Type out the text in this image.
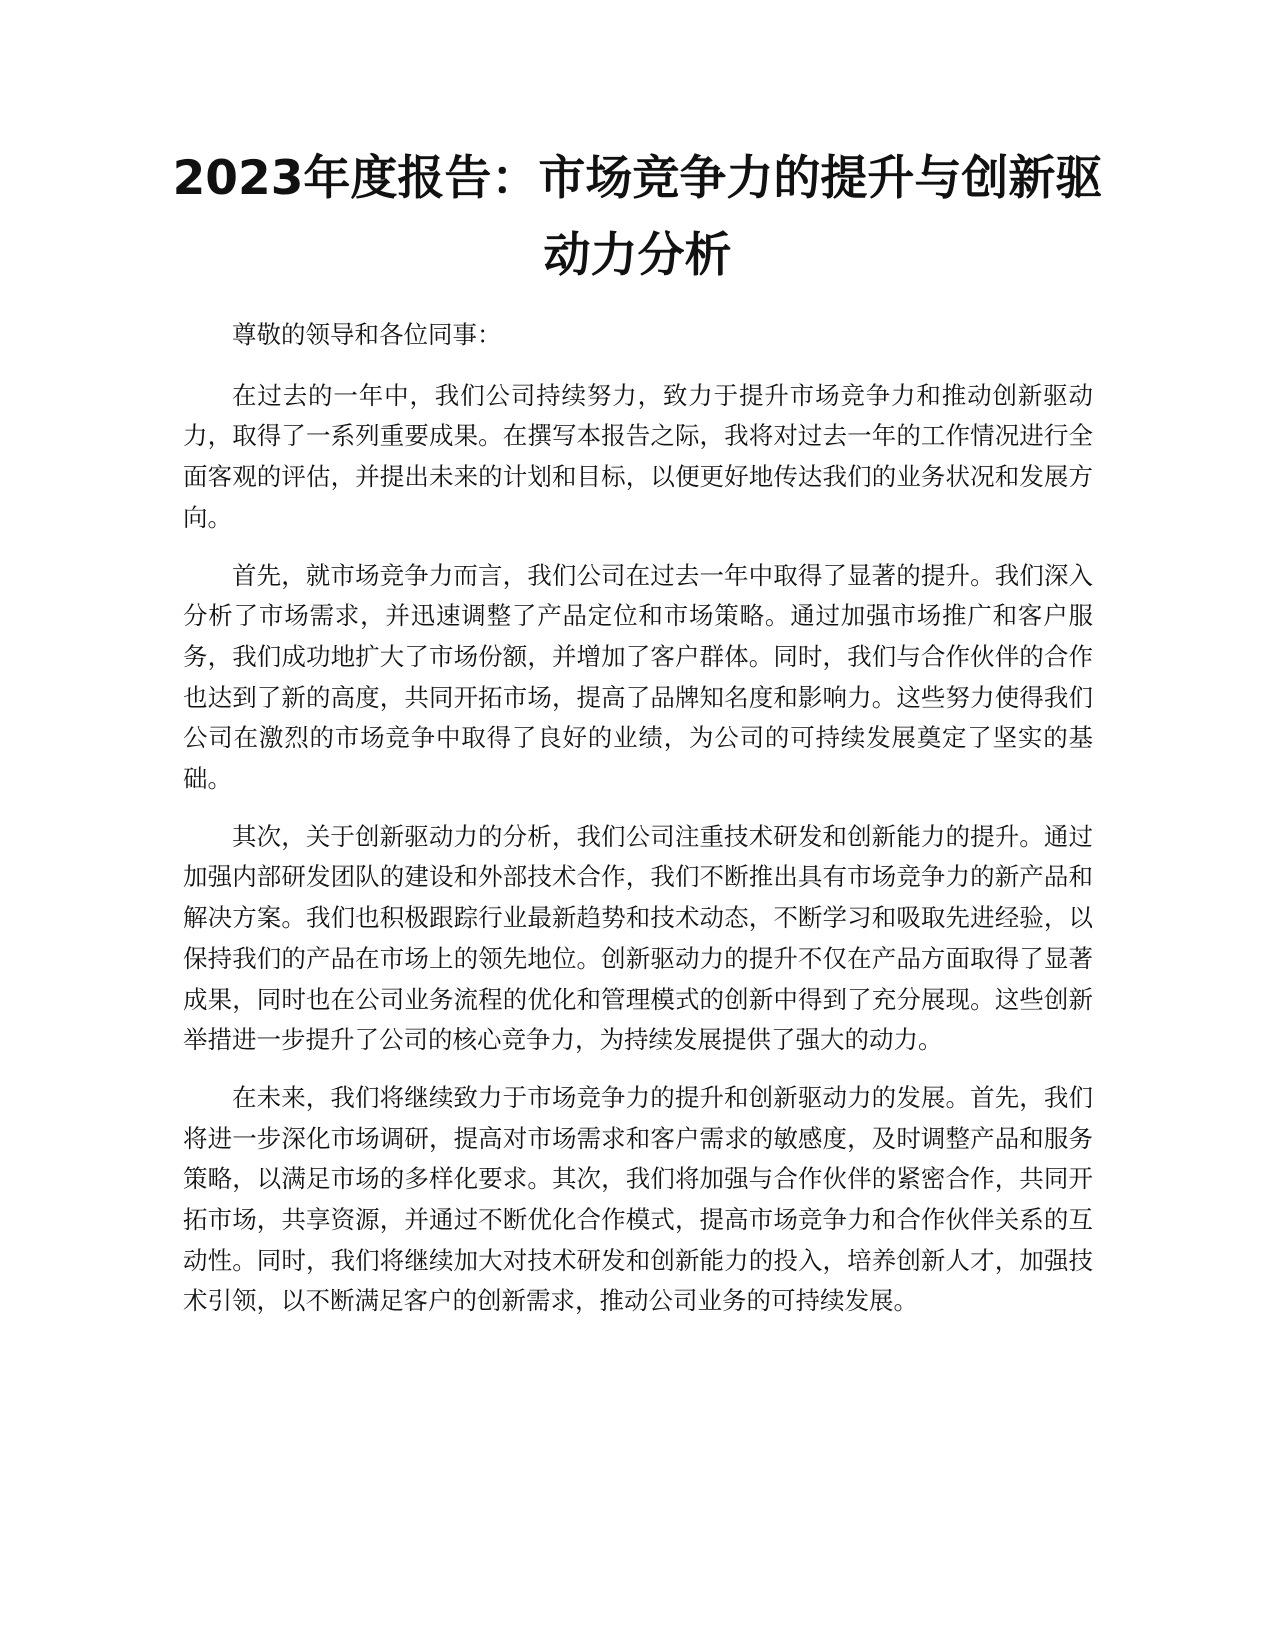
2023年度报告：市场竞争力的提升与创新驱动力分析

尊敬的领导和各位同事：

在过去的一年中，我们公司持续努力，致力于提升市场竞争力和推动创新驱动力，取得了一系列重要成果。在撰写本报告之际，我将对过去一年的工作情况进行全面客观的评估，并提出未来的计划和目标，以便更好地传达我们的业务状况和发展方向。

首先，就市场竞争力而言，我们公司在过去一年中取得了显著的提升。我们深入分析了市场需求，并迅速调整了产品定位和市场策略。通过加强市场推广和客户服务，我们成功地扩大了市场份额，并增加了客户群体。同时，我们与合作伙伴的合作也达到了新的高度，共同开拓市场，提高了品牌知名度和影响力。这些努力使得我们公司在激烈的市场竞争中取得了良好的业绩，为公司的可持续发展奠定了坚实的基础。

其次，关于创新驱动力的分析，我们公司注重技术研发和创新能力的提升。通过加强内部研发团队的建设和外部技术合作，我们不断推出具有市场竞争力的新产品和解决方案。我们也积极跟踪行业最新趋势和技术动态，不断学习和吸取先进经验，以保持我们的产品在市场上的领先地位。创新驱动力的提升不仅在产品方面取得了显著成果，同时也在公司业务流程的优化和管理模式的创新中得到了充分展现。这些创新举措进一步提升了公司的核心竞争力，为持续发展提供了强大的动力。

在未来，我们将继续致力于市场竞争力的提升和创新驱动力的发展。首先，我们将进一步深化市场调研，提高对市场需求和客户需求的敏感度，及时调整产品和服务策略，以满足市场的多样化要求。其次，我们将加强与合作伙伴的紧密合作，共同开拓市场，共享资源，并通过不断优化合作模式，提高市场竞争力和合作伙伴关系的互动性。同时，我们将继续加大对技术研发和创新能力的投入，培养创新人才，加强技术引领，以不断满足客户的创新需求，推动公司业务的可持续发展。
